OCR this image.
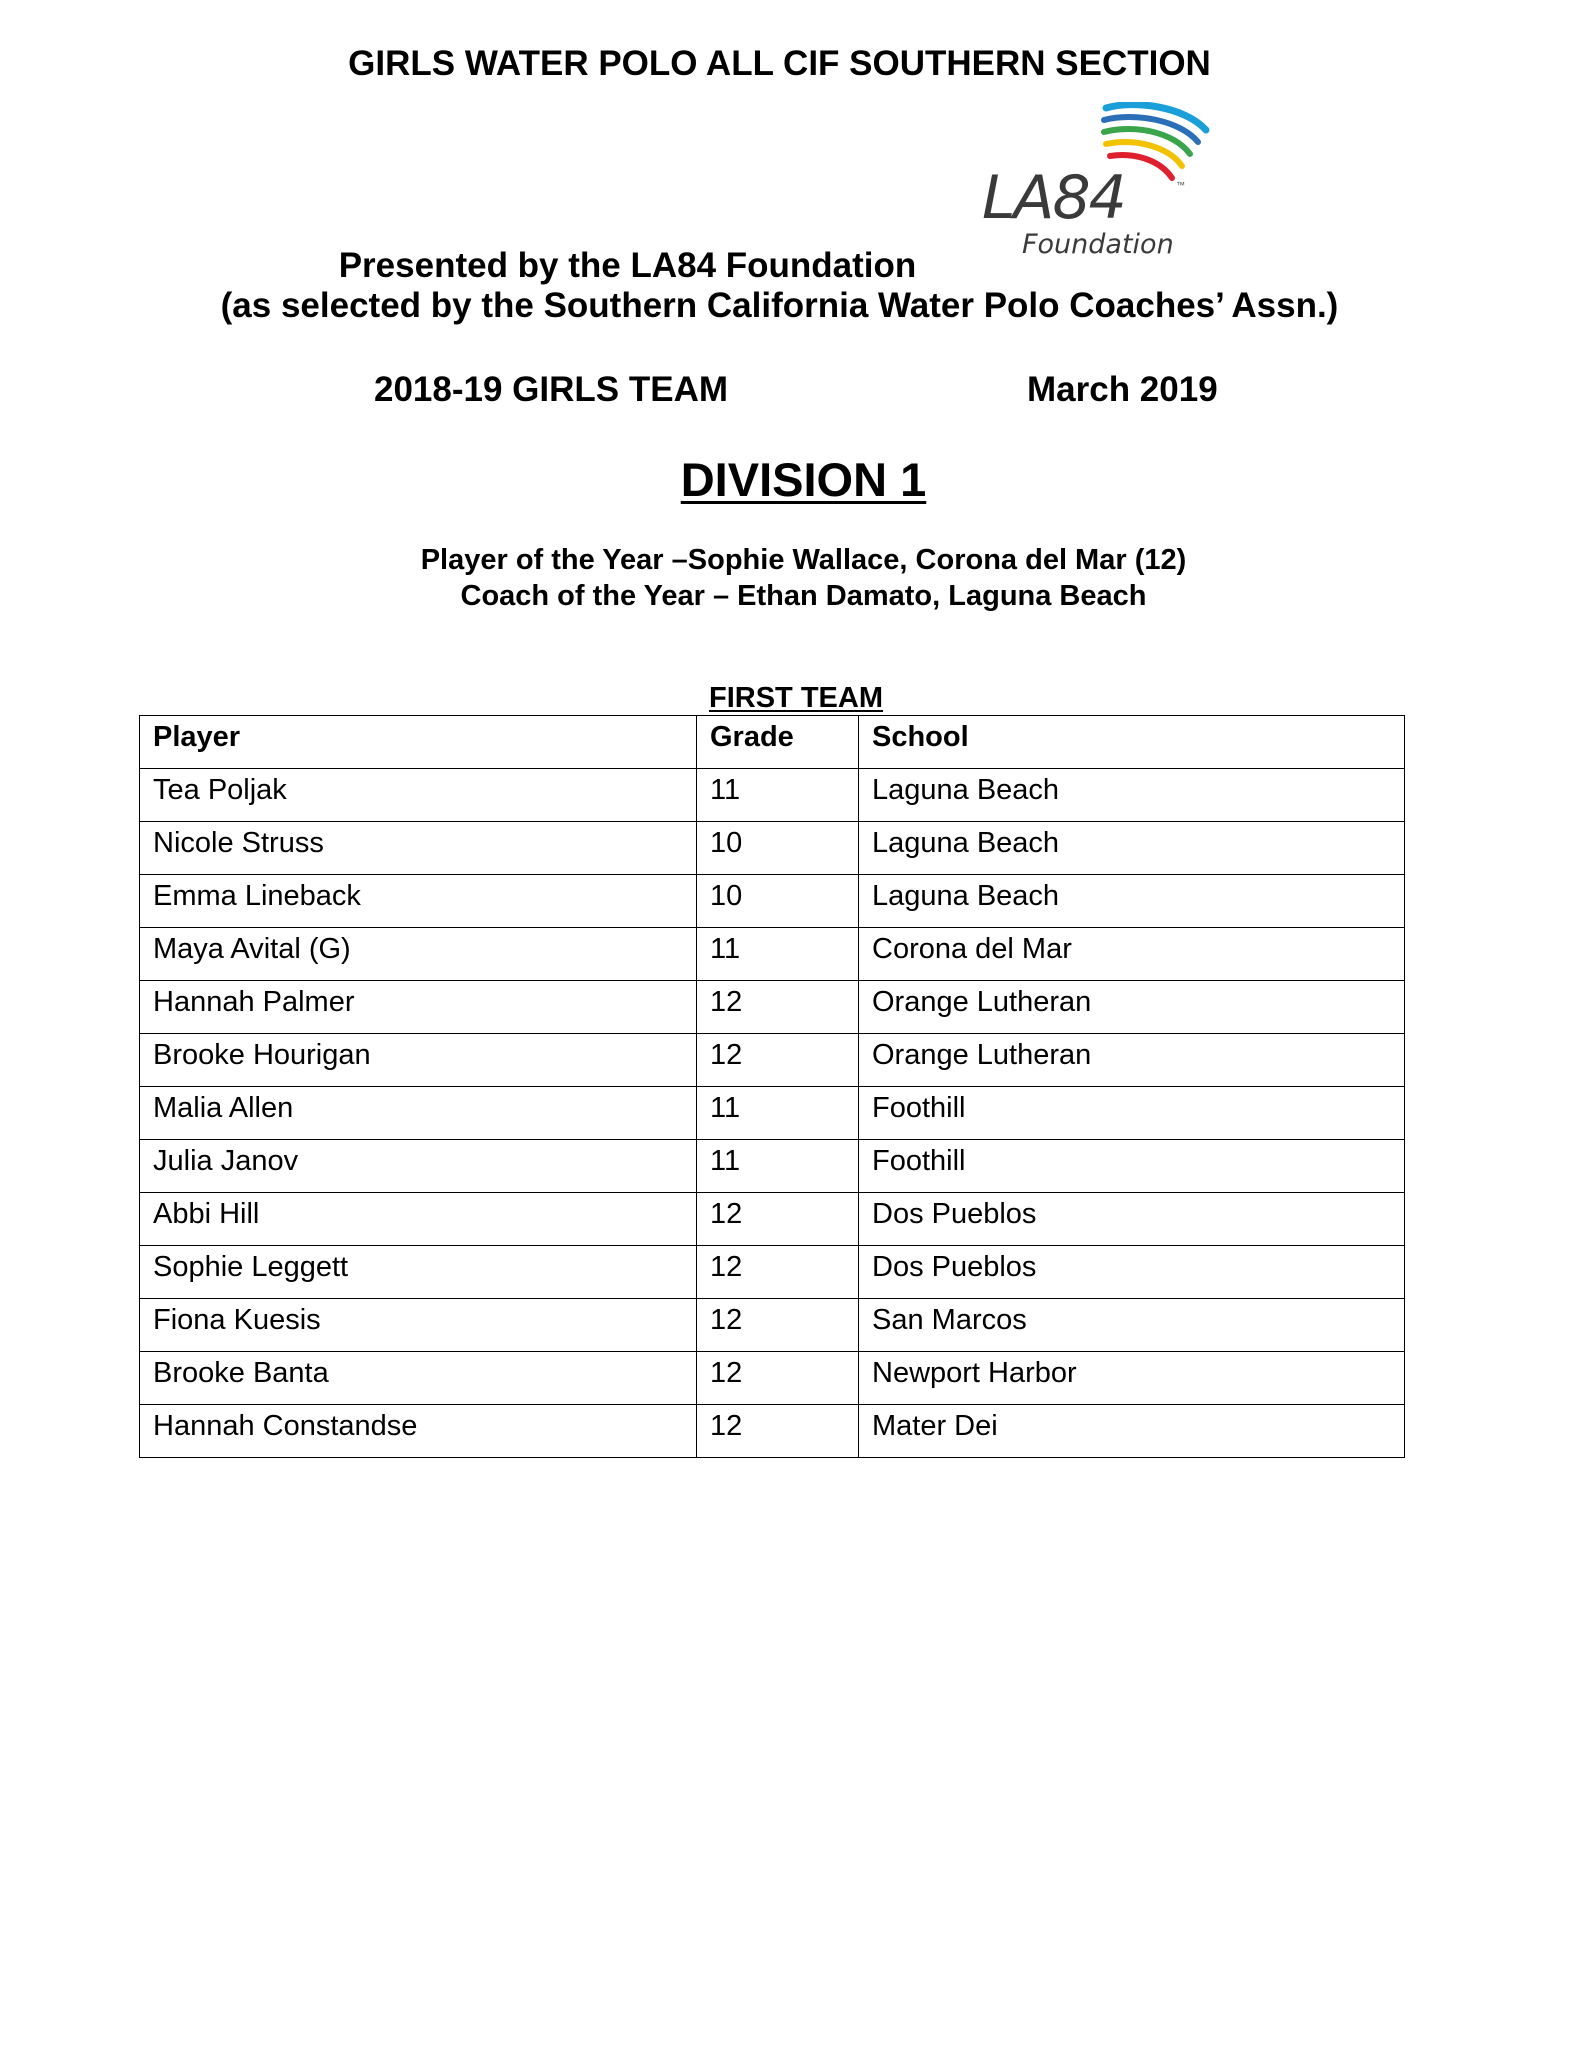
GIRLS WATER POLO ALL CIF SOUTHERN SECTION
LA84	™
Foundation
Presented by the LA84 Foundation
(as selected by the Southern California Water Polo Coaches’ Assn.)
2018-19 GIRLS TEAM	March 2019
DIVISION 1
Player of the Year –Sophie Wallace, Corona del Mar (12)
Coach of the Year – Ethan Damato, Laguna Beach
FIRST TEAM
Player	Grade	School
Tea Poljak	11	Laguna Beach
Nicole Struss	10	Laguna Beach
Emma Lineback	10	Laguna Beach
Maya Avital (G)	11	Corona del Mar
Hannah Palmer	12	Orange Lutheran
Brooke Hourigan	12	Orange Lutheran
Malia Allen	11	Foothill
Julia Janov	11	Foothill
Abbi Hill	12	Dos Pueblos
Sophie Leggett	12	Dos Pueblos
Fiona Kuesis	12	San Marcos
Brooke Banta	12	Newport Harbor
Hannah Constandse	12	Mater Dei
